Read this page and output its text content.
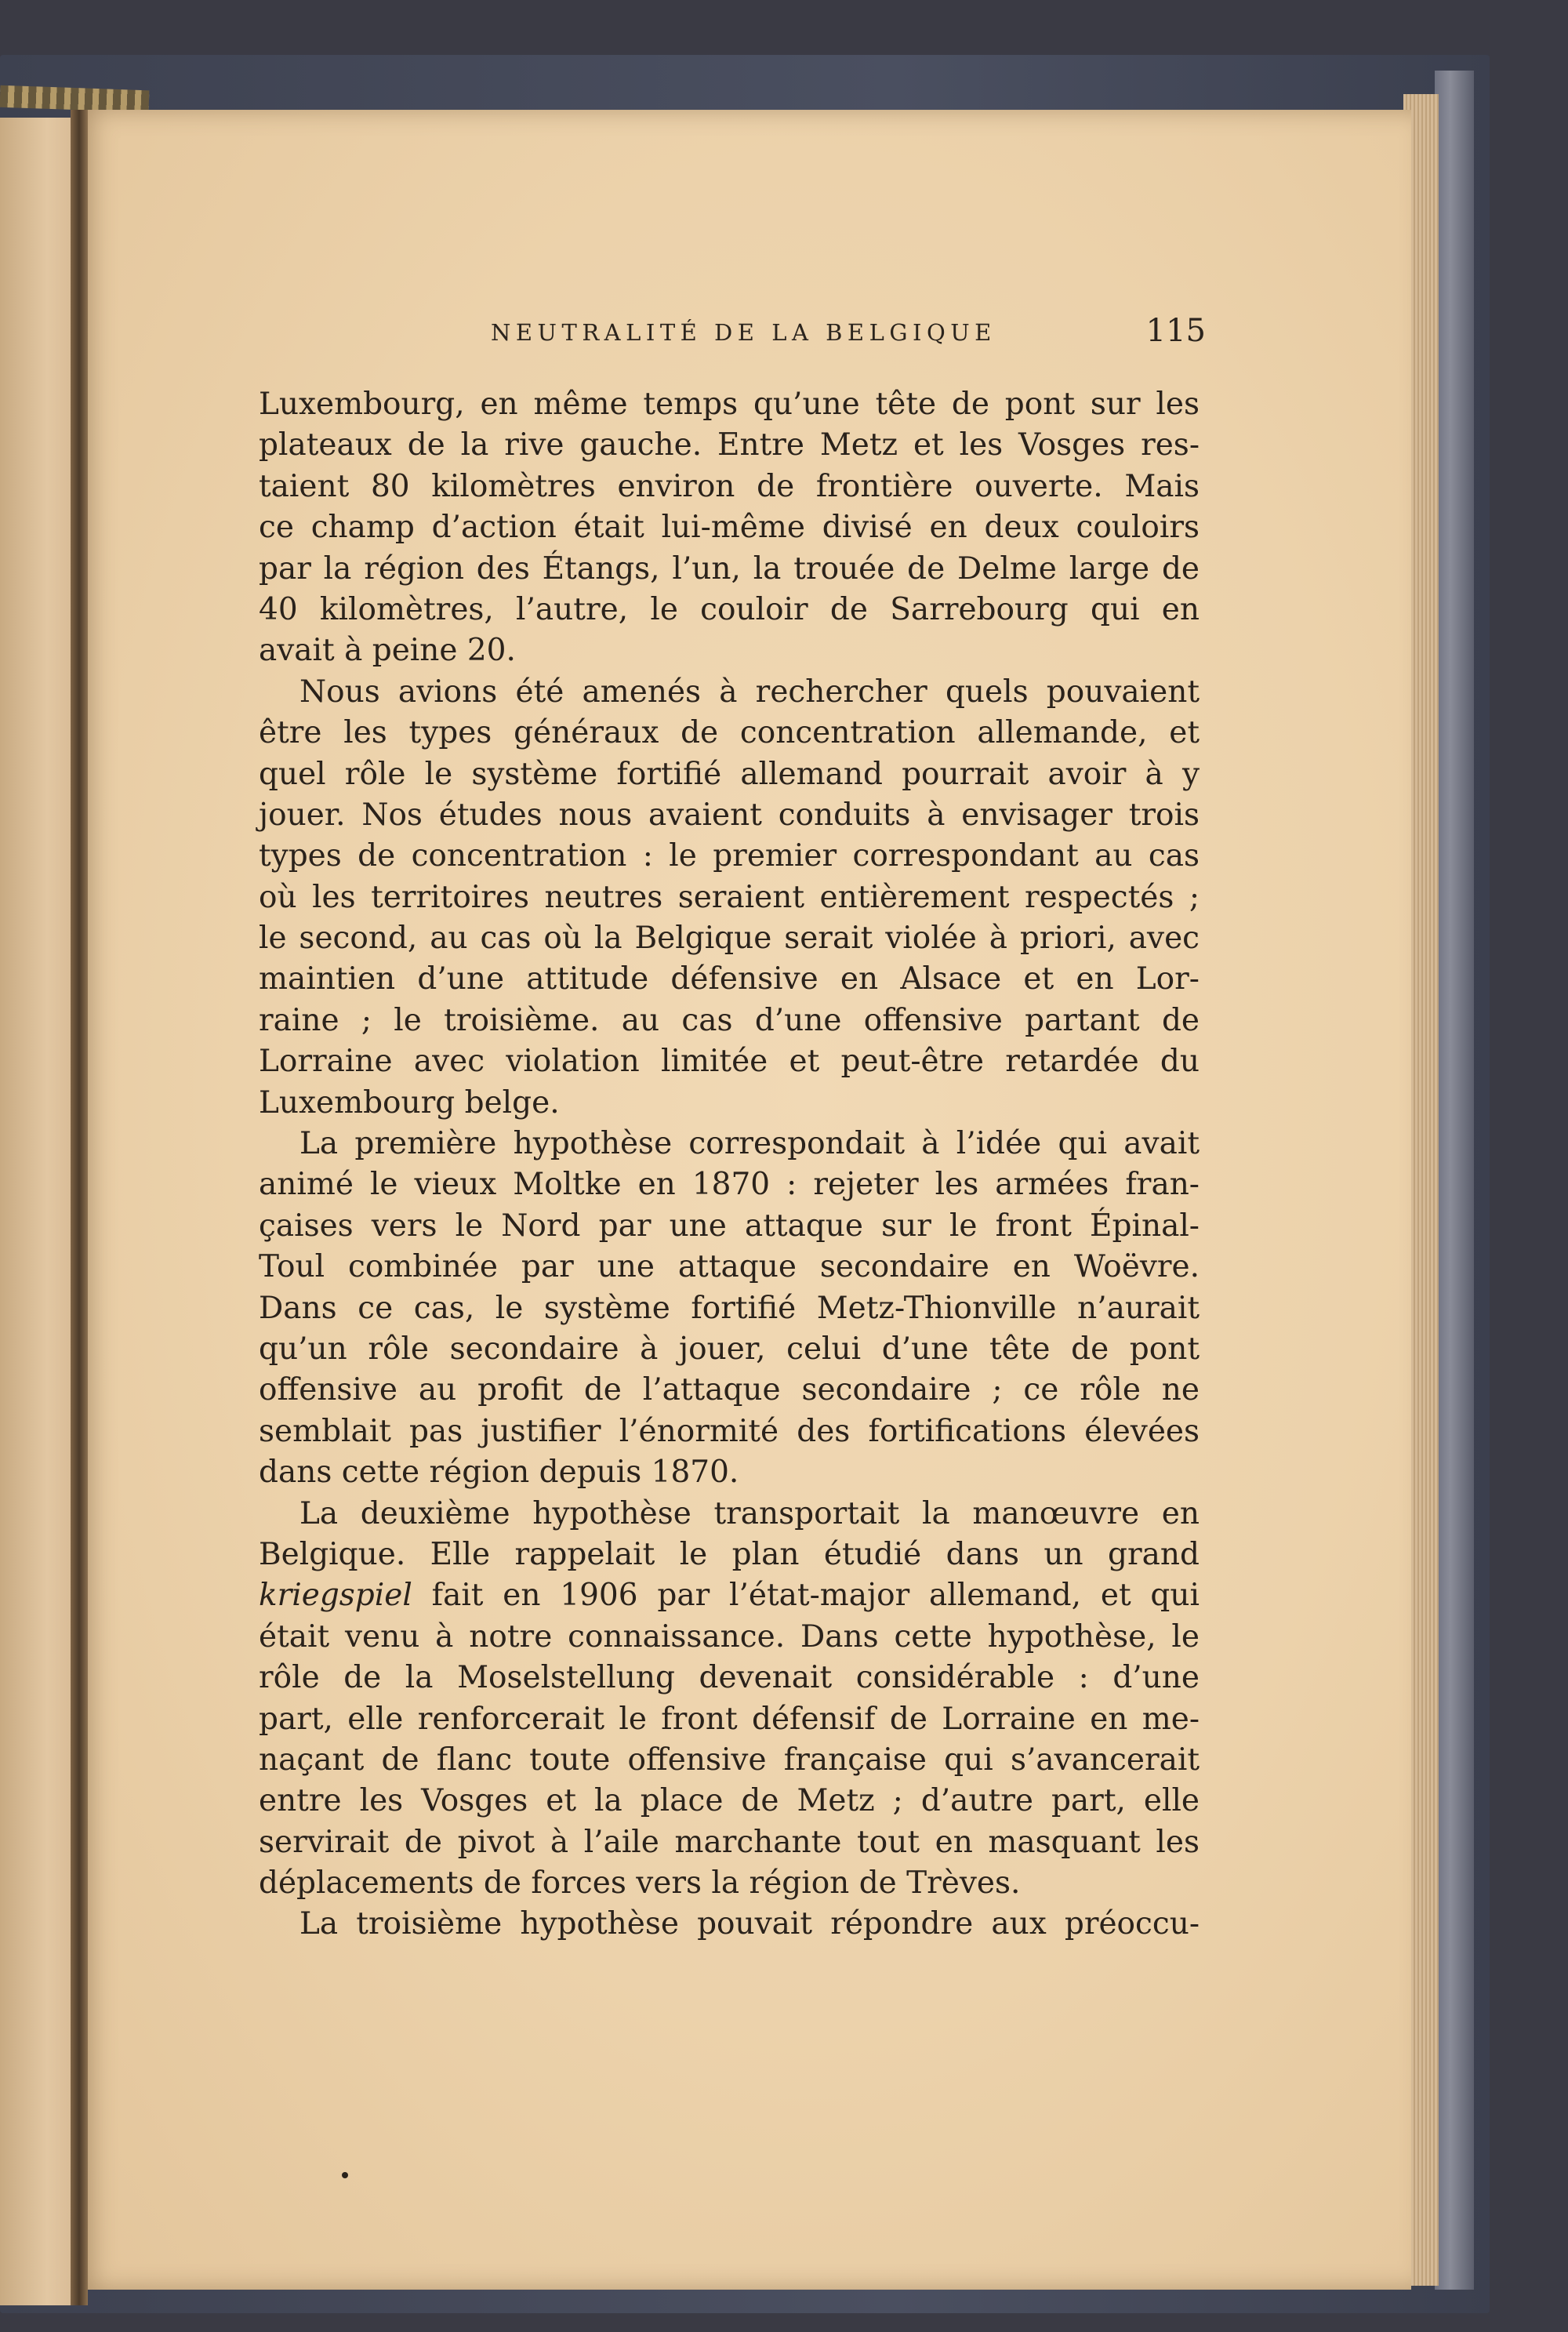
NEUTRALITÉ DE LA BELGIQUE	115
Luxembourg, en même temps qu’une tête de pont sur les
plateaux de la rive gauche. Entre Metz et les Vosges res-
taient 80 kilomètres environ de frontière ouverte. Mais
ce champ d’action était lui-même divisé en deux couloirs
par la région des Étangs, l’un, la trouée de Delme large de
40 kilomètres, l’autre, le couloir de Sarrebourg qui en
avait à peine 20.
Nous avions été amenés à rechercher quels pouvaient
être les types généraux de concentration allemande, et
quel rôle le système fortifié allemand pourrait avoir à y
jouer. Nos études nous avaient conduits à envisager trois
types de concentration : le premier correspondant au cas
où les territoires neutres seraient entièrement respectés ;
le second, au cas où la Belgique serait violée à priori, avec
maintien d’une attitude défensive en Alsace et en Lor-
raine ; le troisième. au cas d’une offensive partant de
Lorraine avec violation limitée et peut-être retardée du
Luxembourg belge.
La première hypothèse correspondait à l’idée qui avait
animé le vieux Moltke en 1870 : rejeter les armées fran-
çaises vers le Nord par une attaque sur le front Épinal-
Toul combinée par une attaque secondaire en Woëvre.
Dans ce cas, le système fortifié Metz-Thionville n’aurait
qu’un rôle secondaire à jouer, celui d’une tête de pont
offensive au profit de l’attaque secondaire ; ce rôle ne
semblait pas justifier l’énormité des fortifications élevées
dans cette région depuis 1870.
La deuxième hypothèse transportait la manœuvre en
Belgique. Elle rappelait le plan étudié dans un grand
kriegspiel fait en 1906 par l’état-major allemand, et qui
était venu à notre connaissance. Dans cette hypothèse, le
rôle de la Moselstellung devenait considérable : d’une
part, elle renforcerait le front défensif de Lorraine en me-
naçant de flanc toute offensive française qui s’avancerait
entre les Vosges et la place de Metz ; d’autre part, elle
servirait de pivot à l’aile marchante tout en masquant les
déplacements de forces vers la région de Trèves.
La troisième hypothèse pouvait répondre aux préoccu-
